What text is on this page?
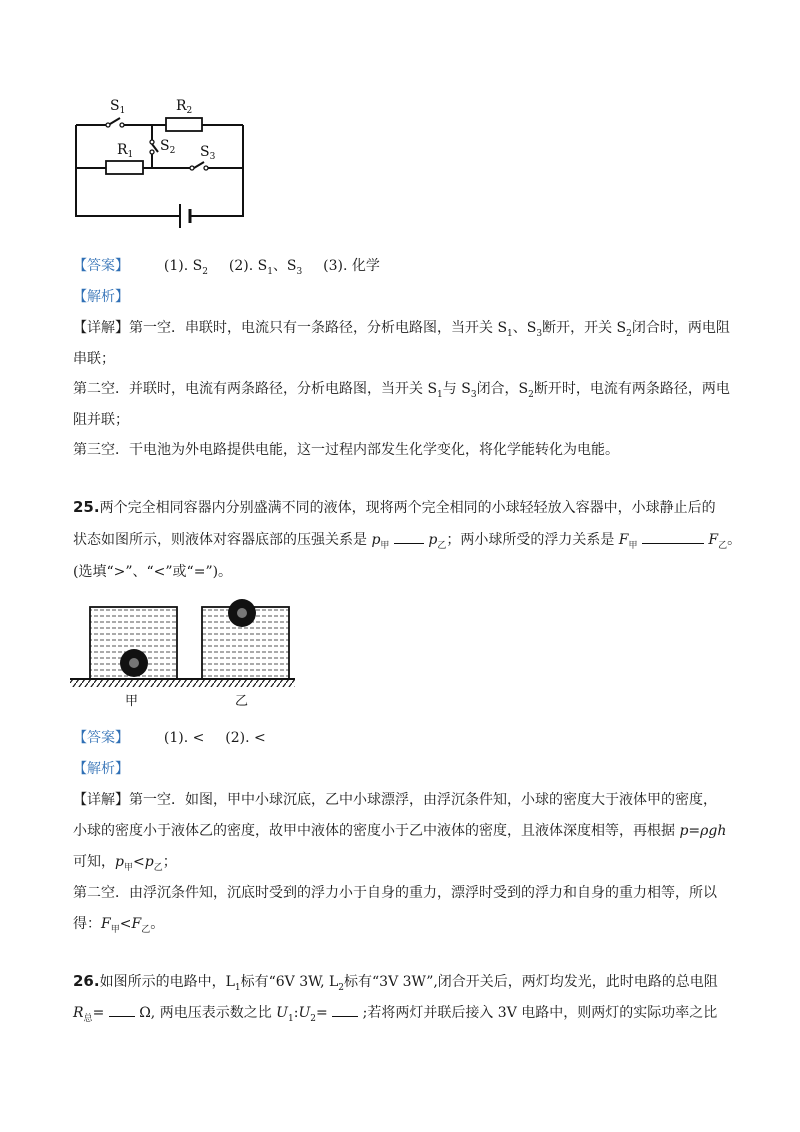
$S_1$	$R_2$
$S_2$
$R_1$	$S_3$
【答案】 (1). $S_2$ (2). $S_1$、$S_3$ (3). 化学
【解析】
【详解】第一空．串联时，电流只有一条路径，分析电路图，当开关 $S_1$、$S_3$断开，开关 $S_2$闭合时，两电阻
串联；
第二空．并联时，电流有两条路径，分析电路图，当开关 $S_1$与 $S_3$闭合，$S_2$断开时，电流有两条路径，两电
阻并联；
第三空．干电池为外电路提供电能，这一过程内部发生化学变化，将化学能转化为电能。
25.两个完全相同容器内分别盛满不同的液体，现将两个完全相同的小球轻轻放入容器中，小球静止后的
状态如图所示，则液体对容器底部的压强关系是 $p_甲$	$p_乙$；两小球所受的浮力关系是 $F_甲$	$F_乙$。
(选填“>”、“<”或“=”)。
甲	乙
【答案】 (1). < (2). <
【解析】
【详解】第一空．如图，甲中小球沉底，乙中小球漂浮，由浮沉条件知，小球的密度大于液体甲的密度，
小球的密度小于液体乙的密度，故甲中液体的密度小于乙中液体的密度，且液体深度相等，再根据 p=ρgh
可知，$p_甲<p_乙$；
第二空．由浮沉条件知，沉底时受到的浮力小于自身的重力，漂浮时受到的浮力和自身的重力相等，所以
得：$F_甲<F_乙$。
26.如图所示的电路中，$L_1$标有“6V 3W, $L_2$标有“3V 3W”,闭合开关后，两灯均发光，此时电路的总电阻
$R_总= \Omega$, 两电压表示数之比 $U_1:U_2=$ ;若将两灯并联后接入 3V 电路中，则两灯的实际功率之比
